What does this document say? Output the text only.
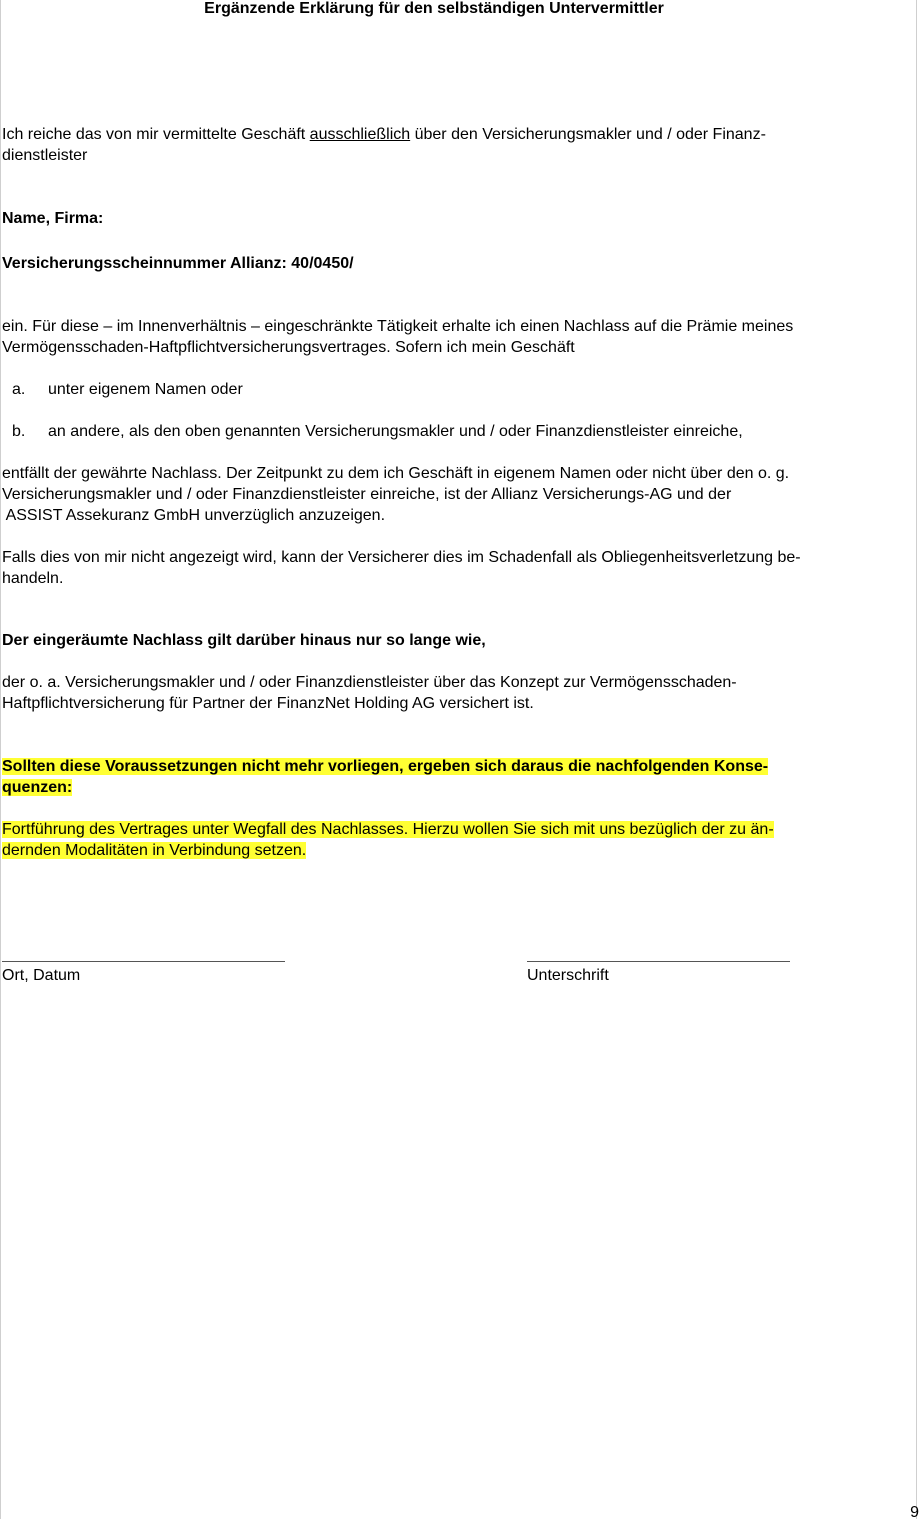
Ergänzende Erklärung für den selbständigen Untervermittler

Ich reiche das von mir vermittelte Geschäft ausschließlich über den Versicherungsmakler und / oder Finanz-

dienstleister

Name, Firma:

Versicherungsscheinnummer Allianz: 40/0450/

ein. Für diese – im Innenverhältnis – eingeschränkte Tätigkeit erhalte ich einen Nachlass auf die Prämie meines

Vermögensschaden-Haftpflichtversicherungsvertrages. Sofern ich mein Geschäft

a. unter eigenem Namen oder

b. an andere, als den oben genannten Versicherungsmakler und / oder Finanzdienstleister einreiche,

entfällt der gewährte Nachlass. Der Zeitpunkt zu dem ich Geschäft in eigenem Namen oder nicht über den o. g.

Versicherungsmakler und / oder Finanzdienstleister einreiche, ist der Allianz Versicherungs-AG und der

ASSIST Assekuranz GmbH unverzüglich anzuzeigen.

Falls dies von mir nicht angezeigt wird, kann der Versicherer dies im Schadenfall als Obliegenheitsverletzung be-

handeln.

Der eingeräumte Nachlass gilt darüber hinaus nur so lange wie,

der o. a. Versicherungsmakler und / oder Finanzdienstleister über das Konzept zur Vermögensschaden-

Haftpflichtversicherung für Partner der FinanzNet Holding AG versichert ist.

Sollten diese Voraussetzungen nicht mehr vorliegen, ergeben sich daraus die nachfolgenden Konse-

quenzen:

Fortführung des Vertrages unter Wegfall des Nachlasses. Hierzu wollen Sie sich mit uns bezüglich der zu än-

dernden Modalitäten in Verbindung setzen.

Ort, Datum	Unterschrift

9
